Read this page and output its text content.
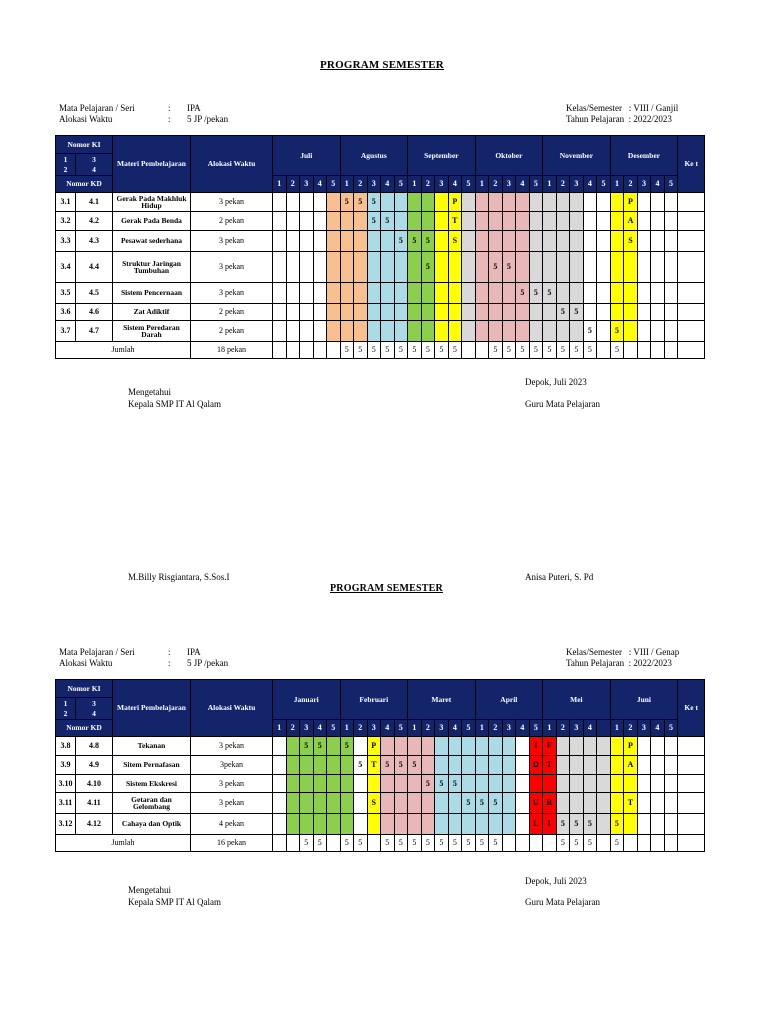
PROGRAM SEMESTER
Mata Pelajaran / Seri	: IPA
Alokasi Waktu	: 5 JP /pekan
Kelas/Semester   : VIII / Ganjil
Tahun Pelajaran  : 2022/2023
Nomor KI		Materi Pembelajaran	Alokasi Waktu	Juli					Agustus					September					Oktober					November					Desember					Ke t
1
2	3
4																																	
Nomor KD				1	2	3	4	5	1	2	3	4	5	1	2	3	4	5	1	2	3	4	5	1	2	3	4	5	1	2	3	4	5	
3.1	4.1	Gerak Pada Makhluk Hidup	3 pekan						5	5	5						P													P				
3.2	4.2	Gerak Pada Benda	2 pekan								5	5					T													A				
3.3	4.3	Pesawat sederhana	3 pekan										5	5	5		S													S				
3.4	4.4	Struktur Jaringan Tumbuhan	3 pekan												5					5	5													
3.5	4.5	Sistem Pencernaan	3 pekan																			5	5	5										
3.6	4.6	Zat Adiktif	2 pekan																						5	5								
3.7	4.7	Sistem Peredaran Darah	2 pekan																								5		5					
Jumlah			18 pekan						5	5	5	5	5	5	5	5	5			5	5	5	5	5	5	5	5		5					
Depok, Juli 2023
Mengetahui
Kepala SMP IT Al Qalam	Guru Mata Pelajaran
M.Billy Risgiantara, S.Sos.I	Anisa Puteri, S. Pd
PROGRAM SEMESTER
Mata Pelajaran / Seri	: IPA
Alokasi Waktu	: 5 JP /pekan
Kelas/Semester   : VIII / Genap
Tahun Pelajaran  : 2022/2023
Nomor KI		Materi Pembelajaran	Alokasi Waktu	Januari					Februari					Maret					April					Mei					Juni					Ke t
1
2	3
4																																	
Nomor KD				1	2	3	4	5	1	2	3	4	5	1	2	3	4	5	1	2	3	4	5	1	2	3	4		1	2	3	4	5	
3.8	4.8	Tekanan	3 pekan			5	5		5		P												I	F						P				
3.9	4.9	Sitem Pernafasan	3pekan							5	T	5	5	5									D	T						A				
3.10	4.10	Sistem Ekskresi	3 pekan												5	5	5																	
3.11	4.11	Getaran dan Gelombang	3 pekan								S							5	5	5			U	R						T				
3.12	4.12	Cahaya dan Optik	4 pekan																				L	I	5	5	5		5					
Jumlah			16 pekan			5	5		5	5		5	5	5	5	5	5	5	5	5					5	5	5		5					
Depok, Juli 2023
Mengetahui
Kepala SMP IT Al Qalam	Guru Mata Pelajaran
